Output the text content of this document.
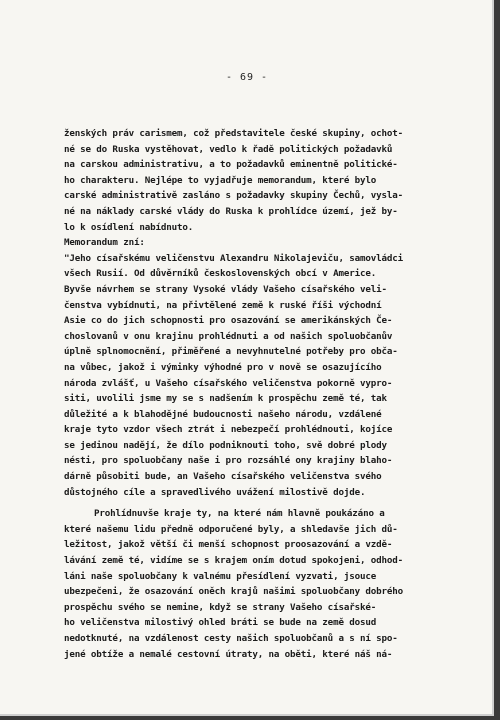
- 69 -
ženských práv carismem, což představitele české skupiny, ochot-
né se do Ruska vystěhovat, vedlo k řadě politických požadavků
na carskou administrativu, a to požadavků eminentně politické-
ho charakteru. Nejlépe to vyjadřuje memorandum, které bylo
carské administrativě zasláno s požadavky skupiny Čechů, vysla-
né na náklady carské vlády do Ruska k prohlídce území, jež by-
lo k osídlení nabídnuto.
Memorandum zní:
"Jeho císařskému veličenstvu Alexandru Nikolajeviču, samovládci
všech Rusií. Od důvěrníků československých obcí v Americe.
Byvše návrhem se strany Vysoké vlády Vašeho císařského veli-
čenstva vybídnuti, na přivtělené země k ruské říši východní
Asie co do jich schopnosti pro osazování se amerikánských Če-
choslovanů v onu krajinu prohlédnuti a od našich spoluobčanův
úplně splnomocnění, přiměřené a nevyhnutelné potřeby pro obča-
na vůbec, jakož i výminky výhodné pro v nově se osazujícího
národa zvlášť, u Vašeho císařského veličenstva pokorně vypro-
siti, uvolili jsme my se s nadšením k prospěchu země té, tak
důležité a k blahodějné budoucnosti našeho národu, vzdálené
kraje tyto vzdor všech ztrát i nebezpečí prohlédnouti, kojíce
se jedinou nadějí, že dílo podniknouti toho, svě dobré plody
nésti, pro spoluobčany naše i pro rozsáhlé ony krajiny blaho-
dárně působiti bude, an Vašeho císařského veličenstva svého
důstojného cíle a spravedlivého uvážení milostivě dojde.
Prohlídnuvše kraje ty, na které nám hlavně poukázáno a
které našemu lidu předně odporučené byly, a shledavše jich dů-
ležitost, jakož větší či menší schopnost proosazování a vzdě-
lávání země té, vidíme se s krajem oním dotud spokojeni, odhod-
láni naše spoluobčany k valnému přesídlení vyzvati, jsouce
ubezpečeni, že osazování oněch krajů našimi spoluobčany dobrého
prospěchu svého se nemine, když se strany Vašeho císařské-
ho veličenstva milostivý ohled bráti se bude na země dosud
nedotknuté, na vzdálenost cesty našich spoluobčanů a s ní spo-
jené obtíže a nemalé cestovní útraty, na oběti, které náš ná-
